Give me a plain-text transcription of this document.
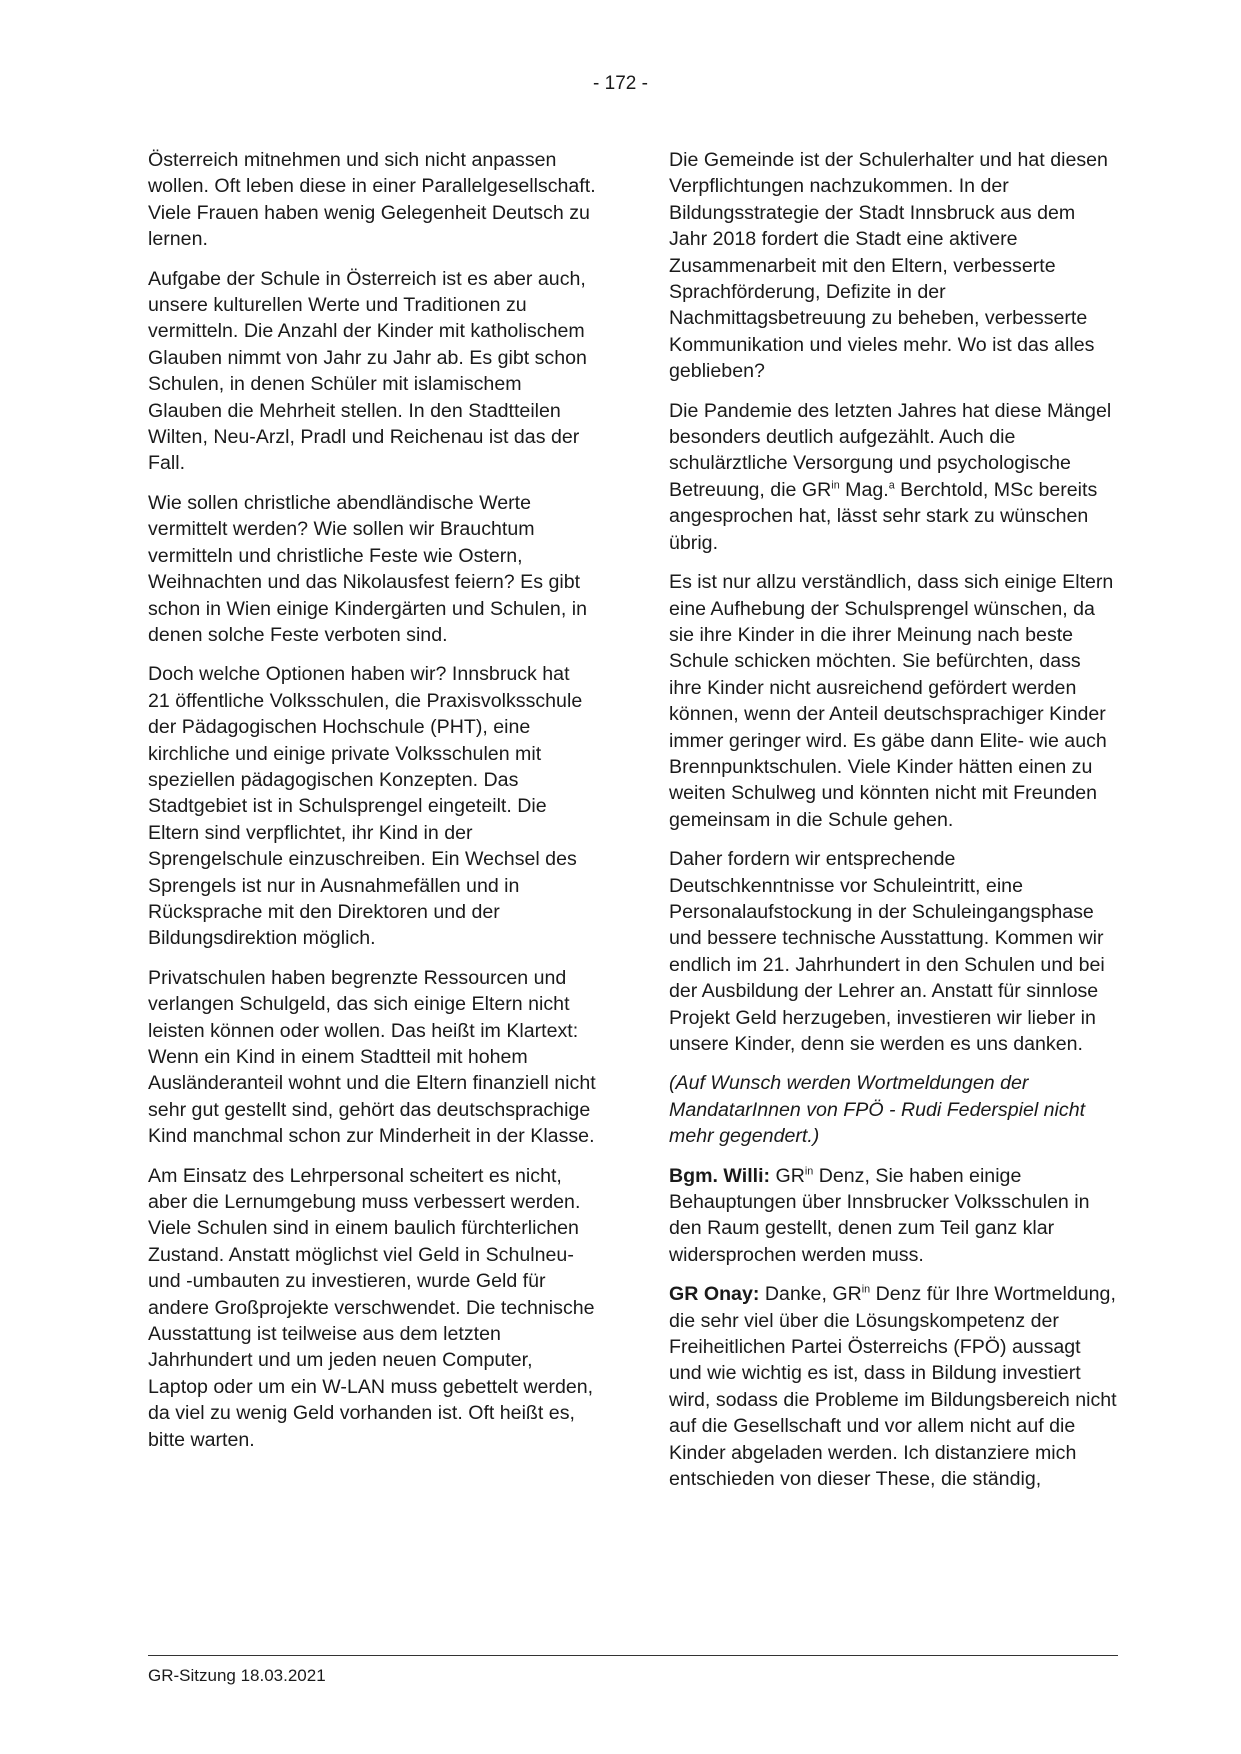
- 172 -

Österreich mitnehmen und sich nicht anpassen wollen. Oft leben diese in einer Parallelgesellschaft. Viele Frauen haben wenig Gelegenheit Deutsch zu lernen.

Aufgabe der Schule in Österreich ist es aber auch, unsere kulturellen Werte und Traditionen zu vermitteln. Die Anzahl der Kinder mit katholischem Glauben nimmt von Jahr zu Jahr ab. Es gibt schon Schulen, in denen Schüler mit islamischem Glauben die Mehrheit stellen. In den Stadtteilen Wilten, Neu-Arzl, Pradl und Reichenau ist das der Fall.

Wie sollen christliche abendländische Werte vermittelt werden? Wie sollen wir Brauchtum vermitteln und christliche Feste wie Ostern, Weihnachten und das Nikolausfest feiern? Es gibt schon in Wien einige Kindergärten und Schulen, in denen solche Feste verboten sind.

Doch welche Optionen haben wir? Innsbruck hat 21 öffentliche Volksschulen, die Praxisvolksschule der Pädagogischen Hochschule (PHT), eine kirchliche und einige private Volksschulen mit speziellen pädagogischen Konzepten. Das Stadtgebiet ist in Schulsprengel eingeteilt. Die Eltern sind verpflichtet, ihr Kind in der Sprengelschule einzuschreiben. Ein Wechsel des Sprengels ist nur in Ausnahmefällen und in Rücksprache mit den Direktoren und der Bildungsdirektion möglich.

Privatschulen haben begrenzte Ressourcen und verlangen Schulgeld, das sich einige Eltern nicht leisten können oder wollen. Das heißt im Klartext: Wenn ein Kind in einem Stadtteil mit hohem Ausländeranteil wohnt und die Eltern finanziell nicht sehr gut gestellt sind, gehört das deutschsprachige Kind manchmal schon zur Minderheit in der Klasse.

Am Einsatz des Lehrpersonal scheitert es nicht, aber die Lernumgebung muss verbessert werden. Viele Schulen sind in einem baulich fürchterlichen Zustand. Anstatt möglichst viel Geld in Schulneu- und -umbauten zu investieren, wurde Geld für andere Großprojekte verschwendet. Die technische Ausstattung ist teilweise aus dem letzten Jahrhundert und um jeden neuen Computer, Laptop oder um ein W-LAN muss gebettelt werden, da viel zu wenig Geld vorhanden ist. Oft heißt es, bitte warten.

Die Gemeinde ist der Schulerhalter und hat diesen Verpflichtungen nachzukommen. In der Bildungsstrategie der Stadt Innsbruck aus dem Jahr 2018 fordert die Stadt eine aktivere Zusammenarbeit mit den Eltern, verbesserte Sprachförderung, Defizite in der Nachmittagsbetreuung zu beheben, verbesserte Kommunikation und vieles mehr. Wo ist das alles geblieben?

Die Pandemie des letzten Jahres hat diese Mängel besonders deutlich aufgezählt. Auch die schulärztliche Versorgung und psychologische Betreuung, die $GR^{in}$ Mag.$^a$ Berchtold, MSc bereits angesprochen hat, lässt sehr stark zu wünschen übrig.

Es ist nur allzu verständlich, dass sich einige Eltern eine Aufhebung der Schulsprengel wünschen, da sie ihre Kinder in die ihrer Meinung nach beste Schule schicken möchten. Sie befürchten, dass ihre Kinder nicht ausreichend gefördert werden können, wenn der Anteil deutschsprachiger Kinder immer geringer wird. Es gäbe dann Elite- wie auch Brennpunktschulen. Viele Kinder hätten einen zu weiten Schulweg und könnten nicht mit Freunden gemeinsam in die Schule gehen.

Daher fordern wir entsprechende Deutschkenntnisse vor Schuleintritt, eine Personalaufstockung in der Schuleingangsphase und bessere technische Ausstattung. Kommen wir endlich im 21. Jahrhundert in den Schulen und bei der Ausbildung der Lehrer an. Anstatt für sinnlose Projekt Geld herzugeben, investieren wir lieber in unsere Kinder, denn sie werden es uns danken.

(Auf Wunsch werden Wortmeldungen der MandatarInnen von FPÖ - Rudi Federspiel nicht mehr gegendert.)

Bgm. Willi: $GR^{in}$ Denz, Sie haben einige Behauptungen über Innsbrucker Volksschulen in den Raum gestellt, denen zum Teil ganz klar widersprochen werden muss.

GR Onay: Danke, $GR^{in}$ Denz für Ihre Wortmeldung, die sehr viel über die Lösungskompetenz der Freiheitlichen Partei Österreichs (FPÖ) aussagt und wie wichtig es ist, dass in Bildung investiert wird, sodass die Probleme im Bildungsbereich nicht auf die Gesellschaft und vor allem nicht auf die Kinder abgeladen werden. Ich distanziere mich entschieden von dieser These, die ständig,

GR-Sitzung 18.03.2021
